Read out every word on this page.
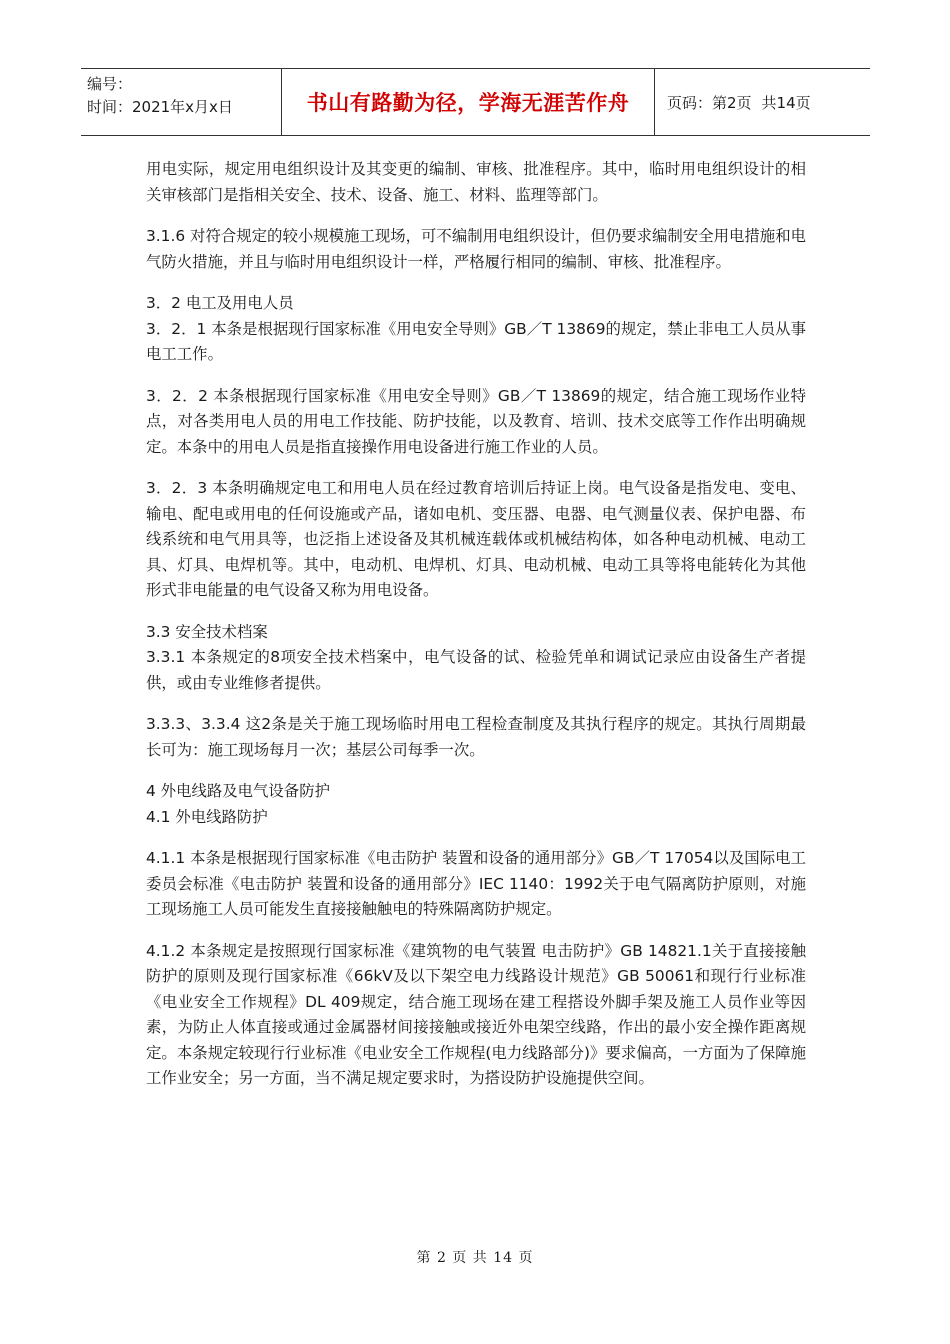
编号：
时间：2021年x月x日	书山有路勤为径，学海无涯苦作舟	页码：第2页 共14页

用电实际，规定用电组织设计及其变更的编制、审核、批准程序。其中，临时用电组织设计的相关审核部门是指相关安全、技术、设备、施工、材料、监理等部门。

3.1.6 对符合规定的较小规模施工现场，可不编制用电组织设计，但仍要求编制安全用电措施和电气防火措施，并且与临时用电组织设计一样，严格履行相同的编制、审核、批准程序。

3．2 电工及用电人员

3．2．1 本条是根据现行国家标准《用电安全导则》GB／T 13869的规定，禁止非电工人员从事电工工作。

3．2．2 本条根据现行国家标准《用电安全导则》GB／T 13869的规定，结合施工现场作业特点，对各类用电人员的用电工作技能、防护技能，以及教育、培训、技术交底等工作作出明确规定。本条中的用电人员是指直接操作用电设备进行施工作业的人员。

3．2．3 本条明确规定电工和用电人员在经过教育培训后持证上岗。电气设备是指发电、变电、输电、配电或用电的任何设施或产品，诸如电机、变压器、电器、电气测量仪表、保护电器、布线系统和电气用具等，也泛指上述设备及其机械连载体或机械结构体，如各种电动机械、电动工具、灯具、电焊机等。其中，电动机、电焊机、灯具、电动机械、电动工具等将电能转化为其他形式非电能量的电气设备又称为用电设备。

3.3 安全技术档案

3.3.1 本条规定的8项安全技术档案中，电气设备的试、检验凭单和调试记录应由设备生产者提供，或由专业维修者提供。

3.3.3、3.3.4 这2条是关于施工现场临时用电工程检查制度及其执行程序的规定。其执行周期最长可为：施工现场每月一次；基层公司每季一次。

4 外电线路及电气设备防护

4.1 外电线路防护

4.1.1 本条是根据现行国家标准《电击防护 装置和设备的通用部分》GB／T 17054以及国际电工委员会标准《电击防护 装置和设备的通用部分》IEC 1140：1992关于电气隔离防护原则，对施工现场施工人员可能发生直接接触触电的特殊隔离防护规定。

4.1.2 本条规定是按照现行国家标准《建筑物的电气装置 电击防护》GB 14821.1关于直接接触防护的原则及现行国家标准《66kV及以下架空电力线路设计规范》GB 50061和现行行业标准《电业安全工作规程》DL 409规定，结合施工现场在建工程搭设外脚手架及施工人员作业等因素，为防止人体直接或通过金属器材间接接触或接近外电架空线路，作出的最小安全操作距离规定。本条规定较现行行业标准《电业安全工作规程(电力线路部分)》要求偏高，一方面为了保障施工作业安全；另一方面，当不满足规定要求时，为搭设防护设施提供空间。

第 2 页 共 14 页
